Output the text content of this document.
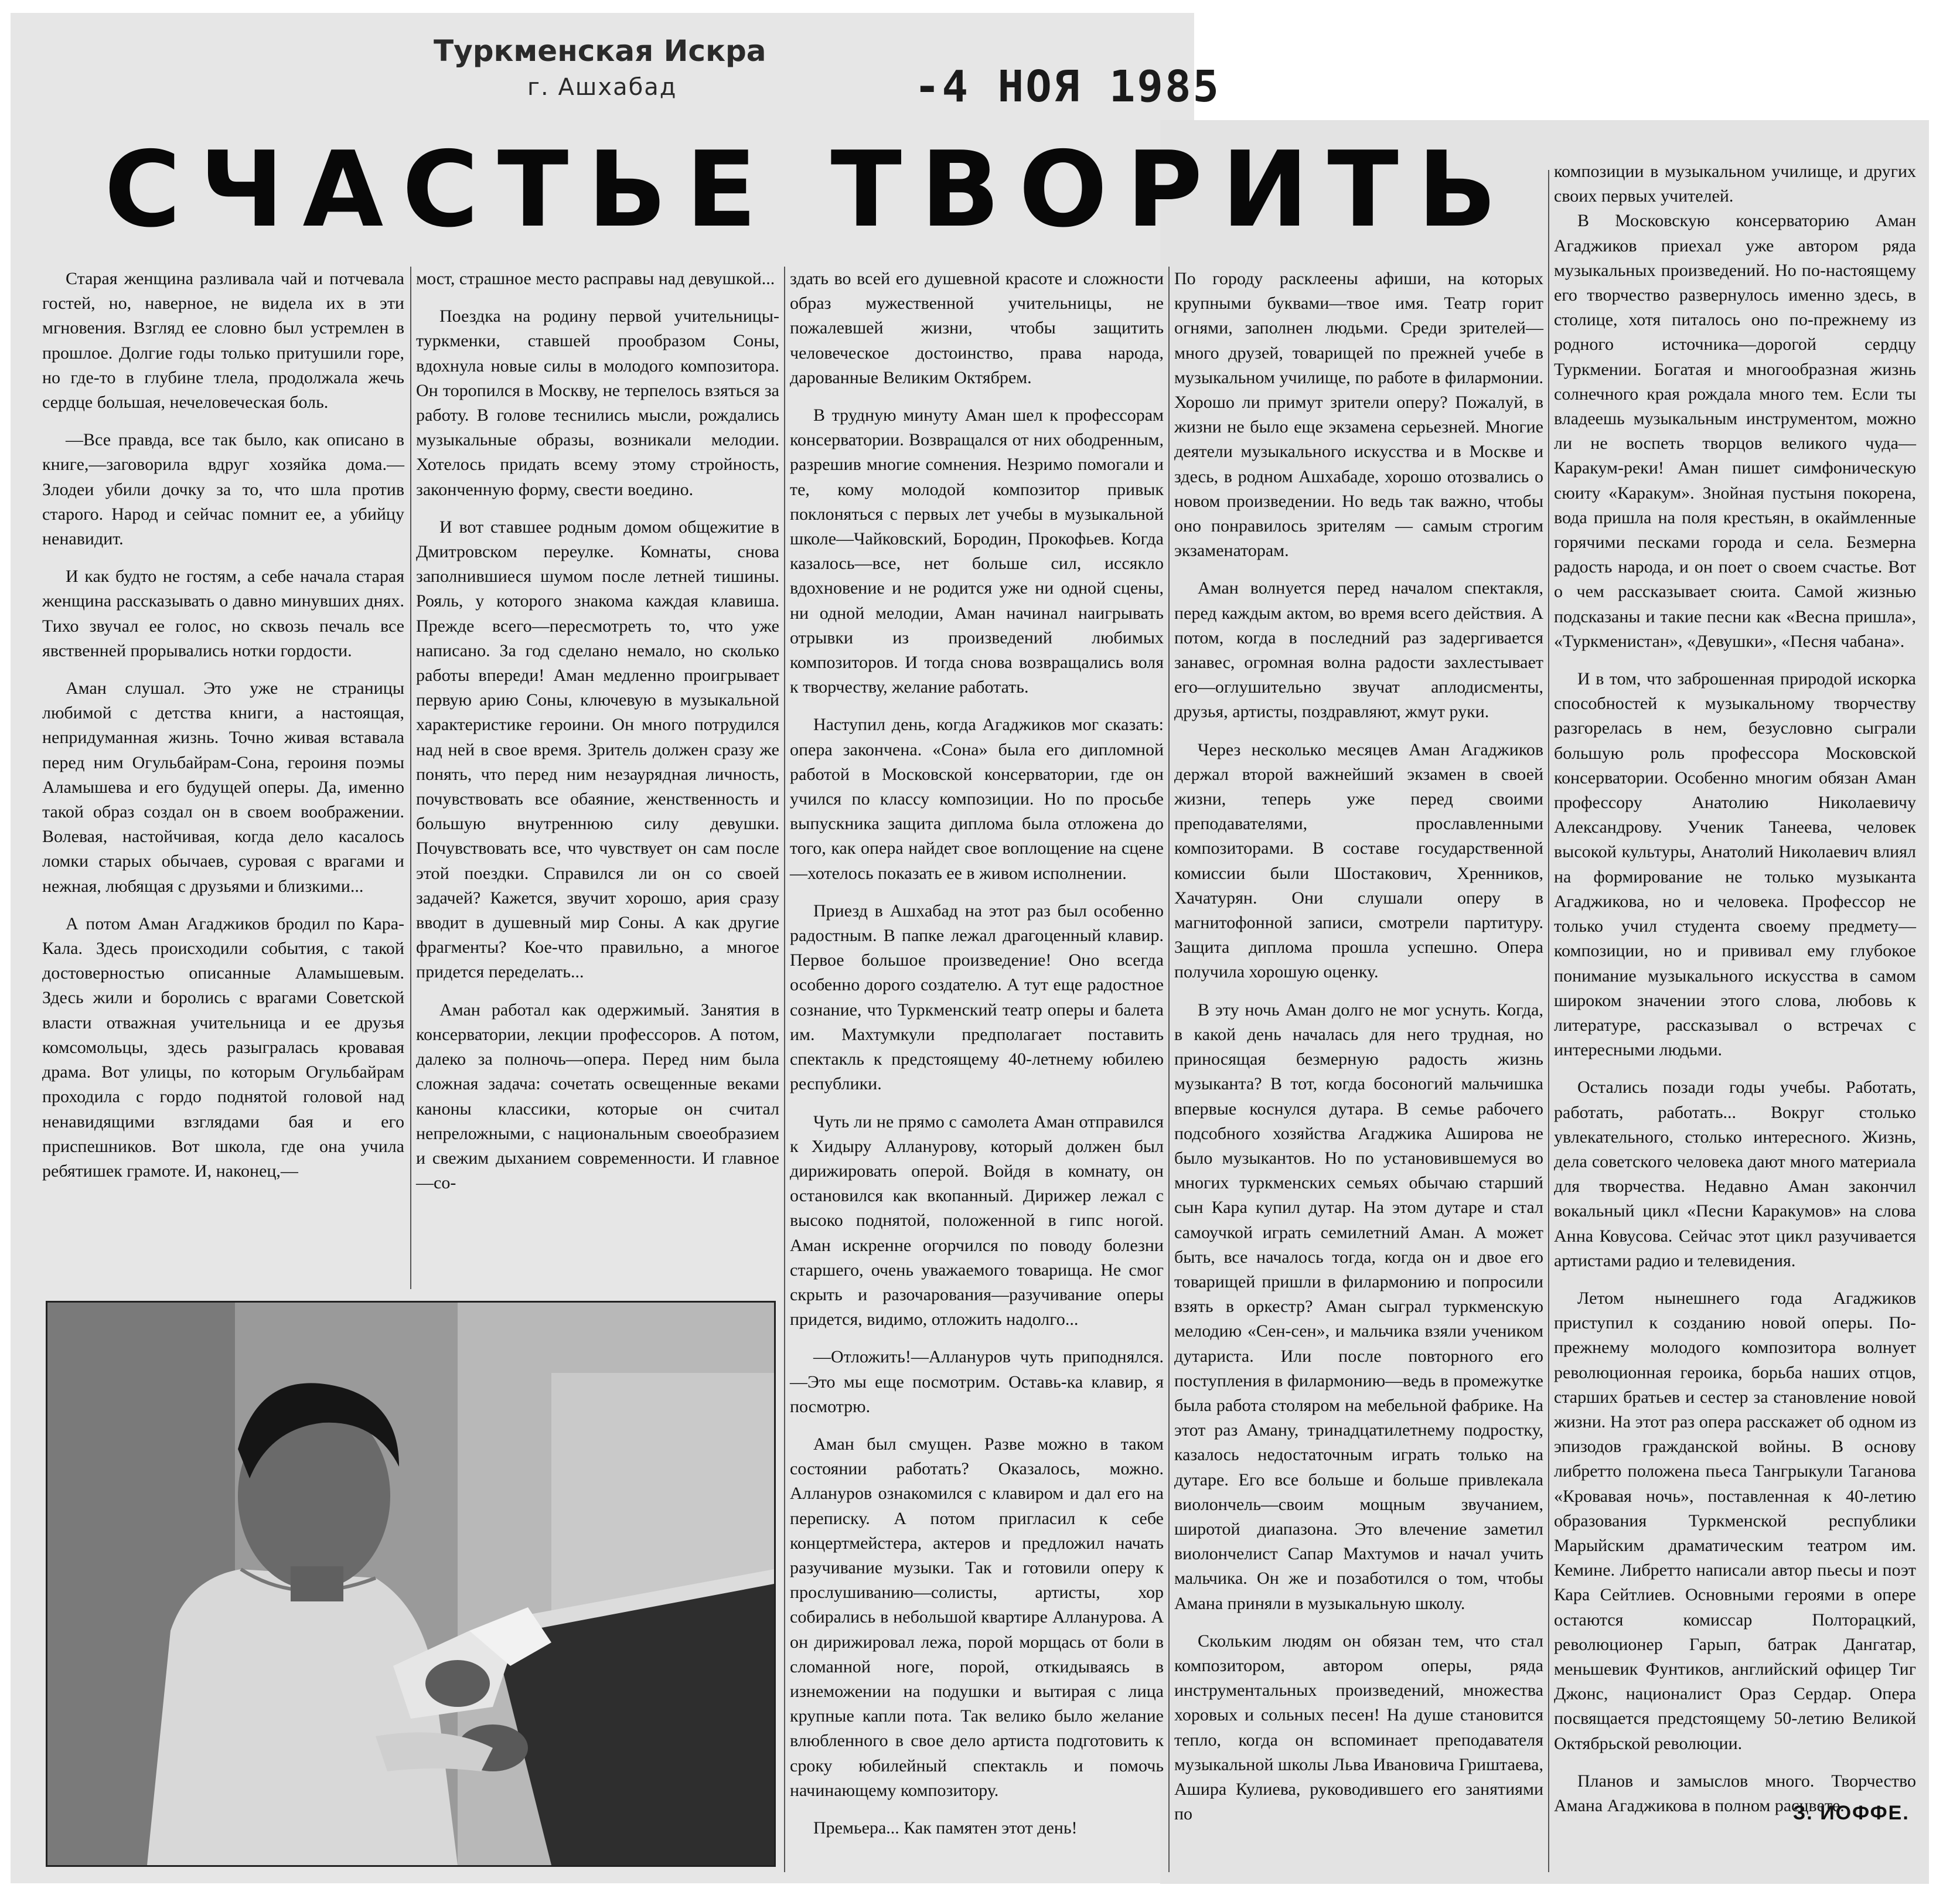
Туркменская Искра
г. Ашхабад	-4 НОЯ 1985
СЧАСТЬЕ ТВОРИТЬ

Старая женщина разливала чай и потчевала гостей, но, наверное, не видела их в эти мгновения. Взгляд ее словно был устремлен в прошлое. Долгие годы только притушили горе, но где-то в глубине тлела, продолжала жечь сердце большая, нечеловеческая боль.

—Все правда, все так было, как описано в книге,—заговорила вдруг хозяйка дома.—Злодеи убили дочку за то, что шла против старого. Народ и сейчас помнит ее, а убийцу ненавидит.

И как будто не гостям, а себе начала старая женщина рассказывать о давно минувших днях. Тихо звучал ее голос, но сквозь печаль все явственней прорывались нотки гордости.

Аман слушал. Это уже не страницы любимой с детства книги, а настоящая, непридуманная жизнь. Точно живая вставала перед ним Огульбайрам-Сона, героиня поэмы Аламышева и его будущей оперы. Да, именно такой образ создал он в своем воображении. Волевая, настойчивая, когда дело касалось ломки старых обычаев, суровая с врагами и нежная, любящая с друзьями и близкими...

А потом Аман Агаджиков бродил по Кара-Кала. Здесь происходили события, с такой достоверностью описанные Аламышевым. Здесь жили и боролись с врагами Советской власти отважная учительница и ее друзья комсомольцы, здесь разыгралась кровавая драма. Вот улицы, по которым Огульбайрам проходила с гордо поднятой головой над ненавидящими взглядами бая и его приспешников. Вот школа, где она учила ребятишек грамоте. И, наконец,—

мост, страшное место расправы над девушкой...

Поездка на родину первой учительницы-туркменки, ставшей прообразом Соны, вдохнула новые силы в молодого композитора. Он торопился в Москву, не терпелось взяться за работу. В голове теснились мысли, рождались музыкальные образы, возникали мелодии. Хотелось придать всему этому стройность, законченную форму, свести воедино.

И вот ставшее родным домом общежитие в Дмитровском переулке. Комнаты, снова заполнившиеся шумом после летней тишины. Рояль, у которого знакома каждая клавиша. Прежде всего—пересмотреть то, что уже написано. За год сделано немало, но сколько работы впереди! Аман медленно проигрывает первую арию Соны, ключевую в музыкальной характеристике героини. Он много потрудился над ней в свое время. Зритель должен сразу же понять, что перед ним незаурядная личность, почувствовать все обаяние, женственность и большую внутреннюю силу девушки. Почувствовать все, что чувствует он сам после этой поездки. Справился ли он со своей задачей? Кажется, звучит хорошо, ария сразу вводит в душевный мир Соны. А как другие фрагменты? Кое-что правильно, а многое придется переделать...

Аман работал как одержимый. Занятия в консерватории, лекции профессоров. А потом, далеко за полночь—опера. Перед ним была сложная задача: сочетать освещенные веками каноны классики, которые он считал непреложными, с национальным своеобразием и свежим дыханием современности. И главное—со-

здать во всей его душевной красоте и сложности образ мужественной учительницы, не пожалевшей жизни, чтобы защитить человеческое достоинство, права народа, дарованные Великим Октябрем.

В трудную минуту Аман шел к профессорам консерватории. Возвращался от них ободренным, разрешив многие сомнения. Незримо помогали и те, кому молодой композитор привык поклоняться с первых лет учебы в музыкальной школе—Чайковский, Бородин, Прокофьев. Когда казалось—все, нет больше сил, иссякло вдохновение и не родится уже ни одной сцены, ни одной мелодии, Аман начинал наигрывать отрывки из произведений любимых композиторов. И тогда снова возвращались воля к творчеству, желание работать.

Наступил день, когда Агаджиков мог сказать: опера закончена. «Сона» была его дипломной работой в Московской консерватории, где он учился по классу композиции. Но по просьбе выпускника защита диплома была отложена до того, как опера найдет свое воплощение на сцене—хотелось показать ее в живом исполнении.

Приезд в Ашхабад на этот раз был особенно радостным. В папке лежал драгоценный клавир. Первое большое произведение! Оно всегда особенно дорого создателю. А тут еще радостное сознание, что Туркменский театр оперы и балета им. Махтумкули предполагает поставить спектакль к предстоящему 40-летнему юбилею республики.

Чуть ли не прямо с самолета Аман отправился к Хидыру Алланурову, который должен был дирижировать оперой. Войдя в комнату, он остановился как вкопанный. Дирижер лежал с высоко поднятой, положенной в гипс ногой. Аман искренне огорчился по поводу болезни старшего, очень уважаемого товарища. Не смог скрыть и разочарования—разучивание оперы придется, видимо, отложить надолго...

—Отложить!—Аллануров чуть приподнялся. —Это мы еще посмотрим. Оставь-ка клавир, я посмотрю.

Аман был смущен. Разве можно в таком состоянии работать? Оказалось, можно. Аллануров ознакомился с клавиром и дал его на переписку. А потом пригласил к себе концертмейстера, актеров и предложил начать разучивание музыки. Так и готовили оперу к прослушиванию—солисты, артисты, хор собирались в небольшой квартире Алланурова. А он дирижировал лежа, порой морщась от боли в сломанной ноге, порой, откидываясь в изнеможении на подушки и вытирая с лица крупные капли пота. Так велико было желание влюбленного в свое дело артиста подготовить к сроку юбилейный спектакль и помочь начинающему композитору.

Премьера... Как памятен этот день!

По городу расклеены афиши, на которых крупными буквами—твое имя. Театр горит огнями, заполнен людьми. Среди зрителей—много друзей, товарищей по прежней учебе в музыкальном училище, по работе в филармонии. Хорошо ли примут зрители оперу? Пожалуй, в жизни не было еще экзамена серьезней. Многие деятели музыкального искусства и в Москве и здесь, в родном Ашхабаде, хорошо отозвались о новом произведении. Но ведь так важно, чтобы оно понравилось зрителям — самым строгим экзаменаторам.

Аман волнуется перед началом спектакля, перед каждым актом, во время всего действия. А потом, когда в последний раз задергивается занавес, огромная волна радости захлестывает его—оглушительно звучат аплодисменты, друзья, артисты, поздравляют, жмут руки.

Через несколько месяцев Аман Агаджиков держал второй важнейший экзамен в своей жизни, теперь уже перед своими преподавателями, прославленными композиторами. В составе государственной комиссии были Шостакович, Хренников, Хачатурян. Они слушали оперу в магнитофонной записи, смотрели партитуру. Защита диплома прошла успешно. Опера получила хорошую оценку.

В эту ночь Аман долго не мог уснуть. Когда, в какой день началась для него трудная, но приносящая безмерную радость жизнь музыканта? В тот, когда босоногий мальчишка впервые коснулся дутара. В семье рабочего подсобного хозяйства Агаджика Аширова не было музыкантов. Но по установившемуся во многих туркменских семьях обычаю старший сын Кара купил дутар. На этом дутаре и стал самоучкой играть семилетний Аман. А может быть, все началось тогда, когда он и двое его товарищей пришли в филармонию и попросили взять в оркестр? Аман сыграл туркменскую мелодию «Сен-сен», и мальчика взяли учеником дутариста. Или после повторного его поступления в филармонию—ведь в промежутке была работа столяром на мебельной фабрике. На этот раз Аману, тринадцатилетнему подростку, казалось недостаточным играть только на дутаре. Его все больше и больше привлекала виолончель—своим мощным звучанием, широтой диапазона. Это влечение заметил виолончелист Сапар Махтумов и начал учить мальчика. Он же и позаботился о том, чтобы Амана приняли в музыкальную школу.

Скольким людям он обязан тем, что стал композитором, автором оперы, ряда инструментальных произведений, множества хоровых и сольных песен! На душе становится тепло, когда он вспоминает преподавателя музыкальной школы Льва Ивановича Гриштаева, Ашира Кулиева, руководившего его занятиями по

композиции в музыкальном училище, и других своих первых учителей.

В Московскую консерваторию Аман Агаджиков приехал уже автором ряда музыкальных произведений. Но по-настоящему его творчество развернулось именно здесь, в столице, хотя питалось оно по-прежнему из родного источника—дорогой сердцу Туркмении. Богатая и многообразная жизнь солнечного края рождала много тем. Если ты владеешь музыкальным инструментом, можно ли не воспеть творцов великого чуда—Каракум-реки! Аман пишет симфоническую сюиту «Каракум». Знойная пустыня покорена, вода пришла на поля крестьян, в окаймленные горячими песками города и села. Безмерна радость народа, и он поет о своем счастье. Вот о чем рассказывает сюита. Самой жизнью подсказаны и такие песни как «Весна пришла», «Туркменистан», «Девушки», «Песня чабана».

И в том, что заброшенная природой искорка способностей к музыкальному творчеству разгорелась в нем, безусловно сыграли большую роль профессора Московской консерватории. Особенно многим обязан Аман профессору Анатолию Николаевичу Александрову. Ученик Танеева, человек высокой культуры, Анатолий Николаевич влиял на формирование не только музыканта Агаджикова, но и человека. Профессор не только учил студента своему предмету—композиции, но и прививал ему глубокое понимание музыкального искусства в самом широком значении этого слова, любовь к литературе, рассказывал о встречах с интересными людьми.

Остались позади годы учебы. Работать, работать, работать... Вокруг столько увлекательного, столько интересного. Жизнь, дела советского человека дают много материала для творчества. Недавно Аман закончил вокальный цикл «Песни Каракумов» на слова Анна Ковусова. Сейчас этот цикл разучивается артистами радио и телевидения.

Летом нынешнего года Агаджиков приступил к созданию новой оперы. По-прежнему молодого композитора волнует революционная героика, борьба наших отцов, старших братьев и сестер за становление новой жизни. На этот раз опера расскажет об одном из эпизодов гражданской войны. В основу либретто положена пьеса Тангрыкули Таганова «Кровавая ночь», поставленная к 40-летию образования Туркменской республики Марыйским драматическим театром им. Кемине. Либретто написали автор пьесы и поэт Кара Сейтлиев. Основными героями в опере остаются комиссар Полторацкий, революционер Гарып, батрак Дангатар, меньшевик Фунтиков, английский офицер Тиг Джонс, националист Ораз Сердар. Опера посвящается предстоящему 50-летию Великой Октябрьской революции.

Планов и замыслов много. Творчество Амана Агаджикова в полном расцвете.

З. ИОФФЕ.
